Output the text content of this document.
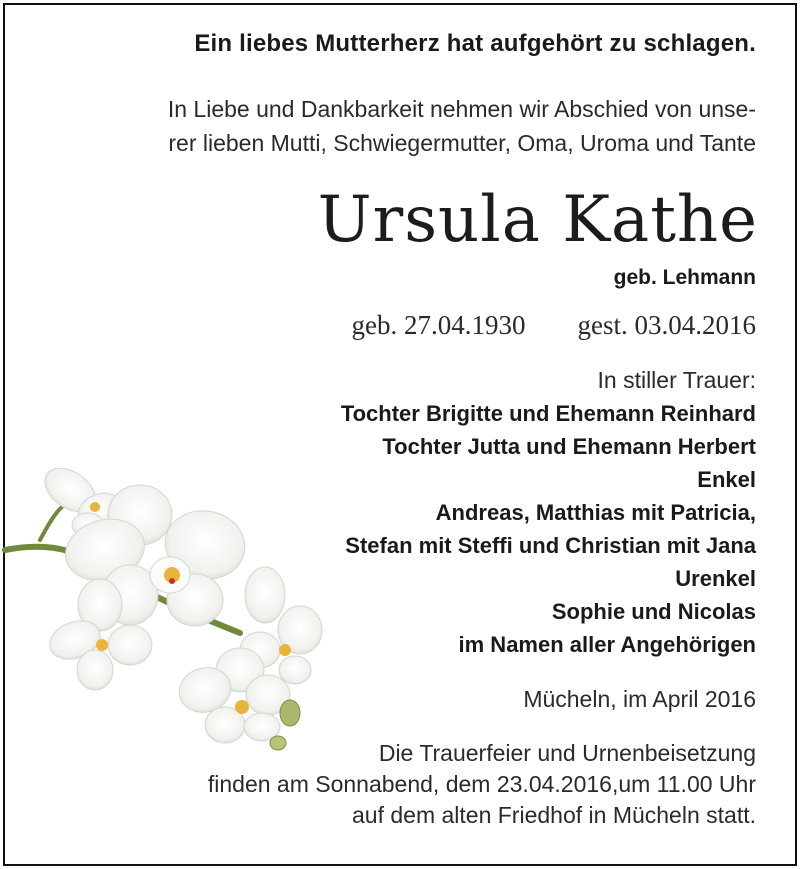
Ein liebes Mutterherz hat aufgehört zu schlagen.
In Liebe und Dankbarkeit nehmen wir Abschied von unse-
rer lieben Mutti, Schwiegermutter, Oma, Uroma und Tante
Ursula Kathe
geb. Lehmann
geb. 27.04.1930 gest. 03.04.2016
In stiller Trauer:
Tochter Brigitte und Ehemann Reinhard
Tochter Jutta und Ehemann Herbert
Enkel
Andreas, Matthias mit Patricia,
Stefan mit Steffi und Christian mit Jana
Urenkel
Sophie und Nicolas
im Namen aller Angehörigen
Mücheln, im April 2016
Die Trauerfeier und Urnenbeisetzung
finden am Sonnabend, dem 23.04.2016,um 11.00 Uhr
auf dem alten Friedhof in Mücheln statt.
